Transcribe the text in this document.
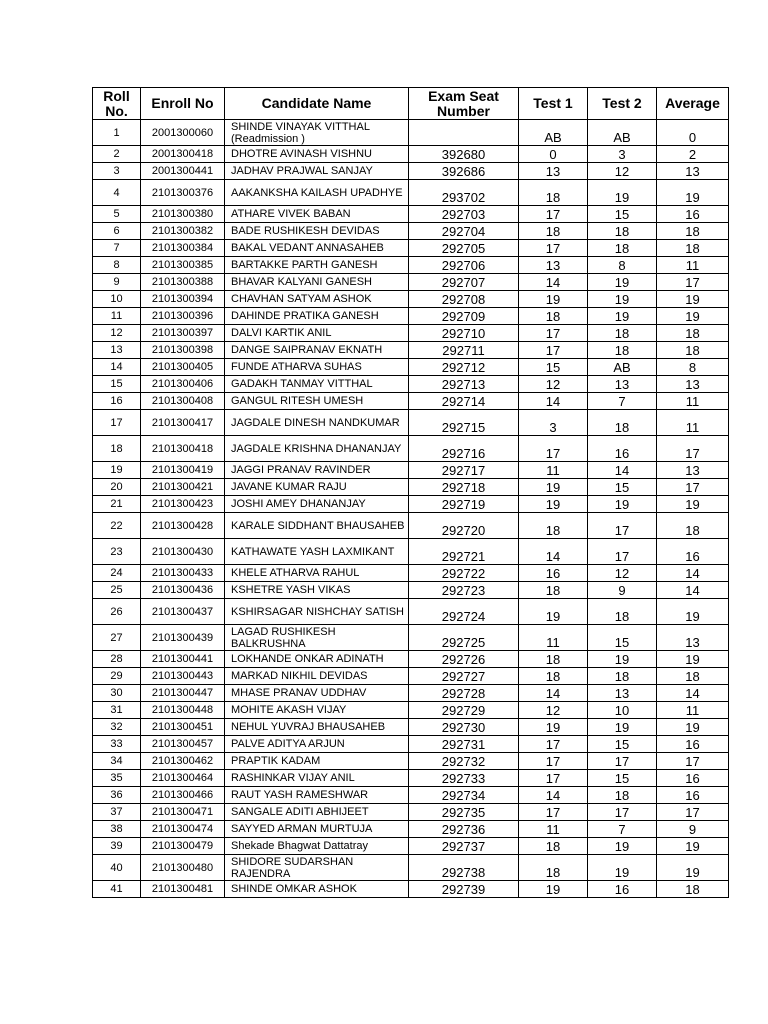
Roll No.	Enroll No	Candidate Name	Exam Seat Number	Test 1	Test 2	Average
1	2001300060	SHINDE VINAYAK VITTHAL (Readmission )		AB	AB	0
2	2001300418	DHOTRE AVINASH VISHNU	392680	0	3	2
3	2001300441	JADHAV PRAJWAL SANJAY	392686	13	12	13
4	2101300376	AAKANKSHA KAILASH UPADHYE	293702	18	19	19
5	2101300380	ATHARE VIVEK BABAN	292703	17	15	16
6	2101300382	BADE RUSHIKESH DEVIDAS	292704	18	18	18
7	2101300384	BAKAL VEDANT ANNASAHEB	292705	17	18	18
8	2101300385	BARTAKKE PARTH GANESH	292706	13	8	11
9	2101300388	BHAVAR KALYANI GANESH	292707	14	19	17
10	2101300394	CHAVHAN SATYAM ASHOK	292708	19	19	19
11	2101300396	DAHINDE PRATIKA GANESH	292709	18	19	19
12	2101300397	DALVI KARTIK ANIL	292710	17	18	18
13	2101300398	DANGE SAIPRANAV EKNATH	292711	17	18	18
14	2101300405	FUNDE ATHARVA SUHAS	292712	15	AB	8
15	2101300406	GADAKH TANMAY VITTHAL	292713	12	13	13
16	2101300408	GANGUL RITESH UMESH	292714	14	7	11
17	2101300417	JAGDALE DINESH NANDKUMAR	292715	3	18	11
18	2101300418	JAGDALE KRISHNA DHANANJAY	292716	17	16	17
19	2101300419	JAGGI PRANAV RAVINDER	292717	11	14	13
20	2101300421	JAVANE KUMAR RAJU	292718	19	15	17
21	2101300423	JOSHI AMEY DHANANJAY	292719	19	19	19
22	2101300428	KARALE SIDDHANT BHAUSAHEB	292720	18	17	18
23	2101300430	KATHAWATE YASH LAXMIKANT	292721	14	17	16
24	2101300433	KHELE ATHARVA RAHUL	292722	16	12	14
25	2101300436	KSHETRE YASH VIKAS	292723	18	9	14
26	2101300437	KSHIRSAGAR NISHCHAY SATISH	292724	19	18	19
27	2101300439	LAGAD RUSHIKESH BALKRUSHNA	292725	11	15	13
28	2101300441	LOKHANDE ONKAR ADINATH	292726	18	19	19
29	2101300443	MARKAD NIKHIL DEVIDAS	292727	18	18	18
30	2101300447	MHASE PRANAV UDDHAV	292728	14	13	14
31	2101300448	MOHITE AKASH VIJAY	292729	12	10	11
32	2101300451	NEHUL YUVRAJ BHAUSAHEB	292730	19	19	19
33	2101300457	PALVE ADITYA ARJUN	292731	17	15	16
34	2101300462	PRAPTIK KADAM	292732	17	17	17
35	2101300464	RASHINKAR VIJAY ANIL	292733	17	15	16
36	2101300466	RAUT YASH RAMESHWAR	292734	14	18	16
37	2101300471	SANGALE ADITI ABHIJEET	292735	17	17	17
38	2101300474	SAYYED ARMAN MURTUJA	292736	11	7	9
39	2101300479	Shekade Bhagwat Dattatray	292737	18	19	19
40	2101300480	SHIDORE SUDARSHAN RAJENDRA	292738	18	19	19
41	2101300481	SHINDE OMKAR ASHOK	292739	19	16	18
